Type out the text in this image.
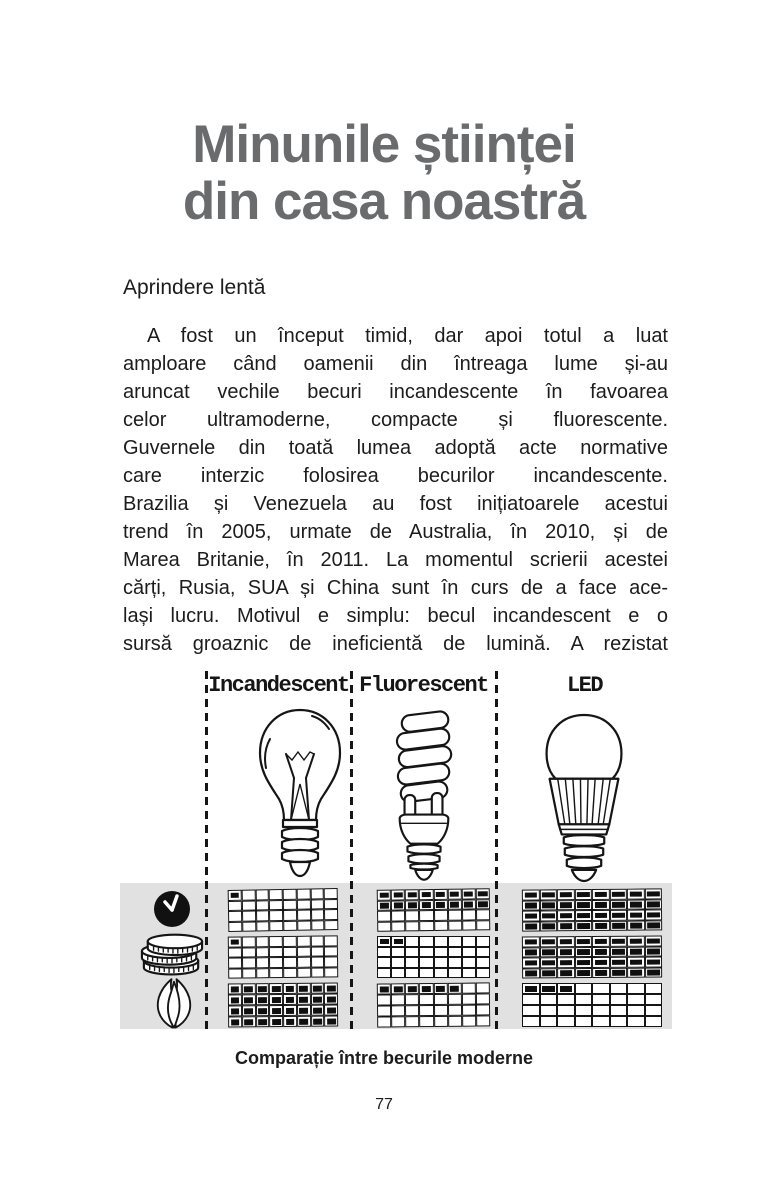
Minunile științei
din casa noastră
Aprindere lentă
A fost un început timid, dar apoi totul a luat
amploare când oamenii din întreaga lume și-au
aruncat vechile becuri incandescente în favoarea
celor ultramoderne, compacte și fluorescente.
Guvernele din toată lumea adoptă acte normative
care interzic folosirea becurilor incandescente.
Brazilia și Venezuela au fost inițiatoarele acestui
trend în 2005, urmate de Australia, în 2010, și de
Marea Britanie, în 2011. La momentul scrierii acestei
cărți, Rusia, SUA și China sunt în curs de a face ace-
lași lucru. Motivul e simplu: becul incandescent e o
sursă groaznic de ineficientă de lumină. A rezistat
Incandescent Fluorescent	LED
Comparație între becurile moderne
77
